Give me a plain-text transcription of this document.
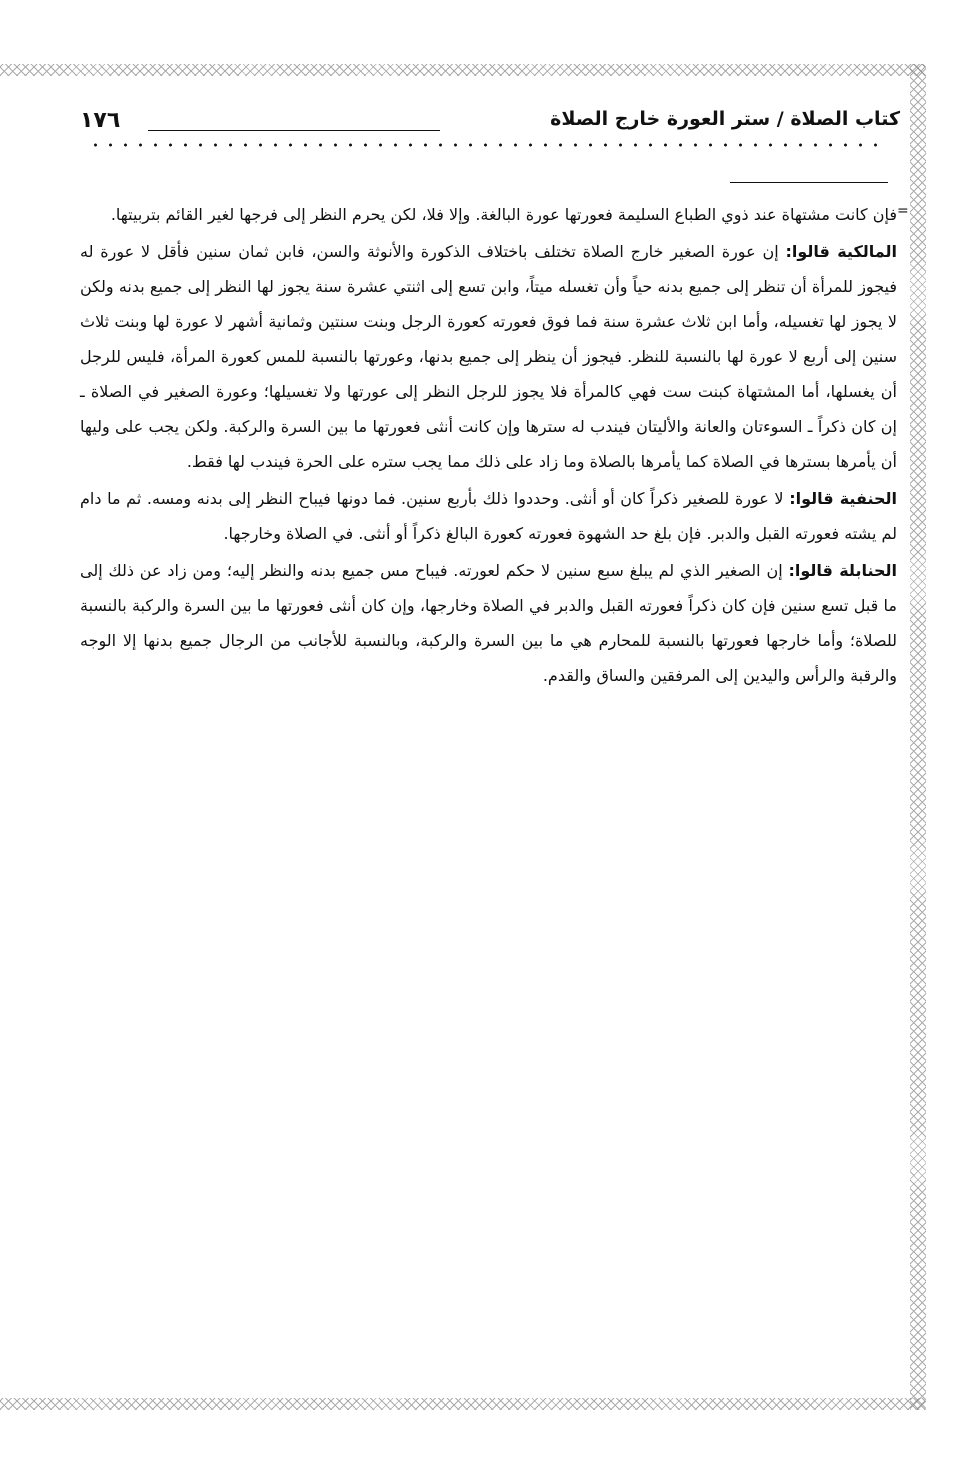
١٧٦	كتاب الصلاة / ستر العورة خارج الصلاة
=

فإن كانت مشتهاة عند ذوي الطباع السليمة فعورتها عورة البالغة. وإلا فلا، لكن يحرم النظر إلى فرجها لغير القائم بتربيتها.

المالكية قالوا: إن عورة الصغير خارج الصلاة تختلف باختلاف الذكورة والأنوثة والسن، فابن ثمان سنين فأقل لا عورة له فيجوز للمرأة أن تنظر إلى جميع بدنه حياً وأن تغسله ميتاً، وابن تسع إلى اثنتي عشرة سنة يجوز لها النظر إلى جميع بدنه ولكن لا يجوز لها تغسيله، وأما ابن ثلاث عشرة سنة فما فوق فعورته كعورة الرجل وبنت سنتين وثمانية أشهر لا عورة لها وبنت ثلاث سنين إلى أربع لا عورة لها بالنسبة للنظر. فيجوز أن ينظر إلى جميع بدنها، وعورتها بالنسبة للمس كعورة المرأة، فليس للرجل أن يغسلها، أما المشتهاة كبنت ست فهي كالمرأة فلا يجوز للرجل النظر إلى عورتها ولا تغسيلها؛ وعورة الصغير في الصلاة ـ إن كان ذكراً ـ السوءتان والعانة والأليتان فيندب له سترها وإن كانت أنثى فعورتها ما بين السرة والركبة. ولكن يجب على وليها أن يأمرها بسترها في الصلاة كما يأمرها بالصلاة وما زاد على ذلك مما يجب ستره على الحرة فيندب لها فقط.

الحنفية قالوا: لا عورة للصغير ذكراً كان أو أنثى. وحددوا ذلك بأربع سنين. فما دونها فيباح النظر إلى بدنه ومسه. ثم ما دام لم يشته فعورته القبل والدبر. فإن بلغ حد الشهوة فعورته كعورة البالغ ذكراً أو أنثى. في الصلاة وخارجها.

الحنابلة قالوا: إن الصغير الذي لم يبلغ سبع سنين لا حكم لعورته. فيباح مس جميع بدنه والنظر إليه؛ ومن زاد عن ذلك إلى ما قبل تسع سنين فإن كان ذكراً فعورته القبل والدبر في الصلاة وخارجها، وإن كان أنثى فعورتها ما بين السرة والركبة بالنسبة للصلاة؛ وأما خارجها فعورتها بالنسبة للمحارم هي ما بين السرة والركبة، وبالنسبة للأجانب من الرجال جميع بدنها إلا الوجه والرقبة والرأس واليدين إلى المرفقين والساق والقدم.
